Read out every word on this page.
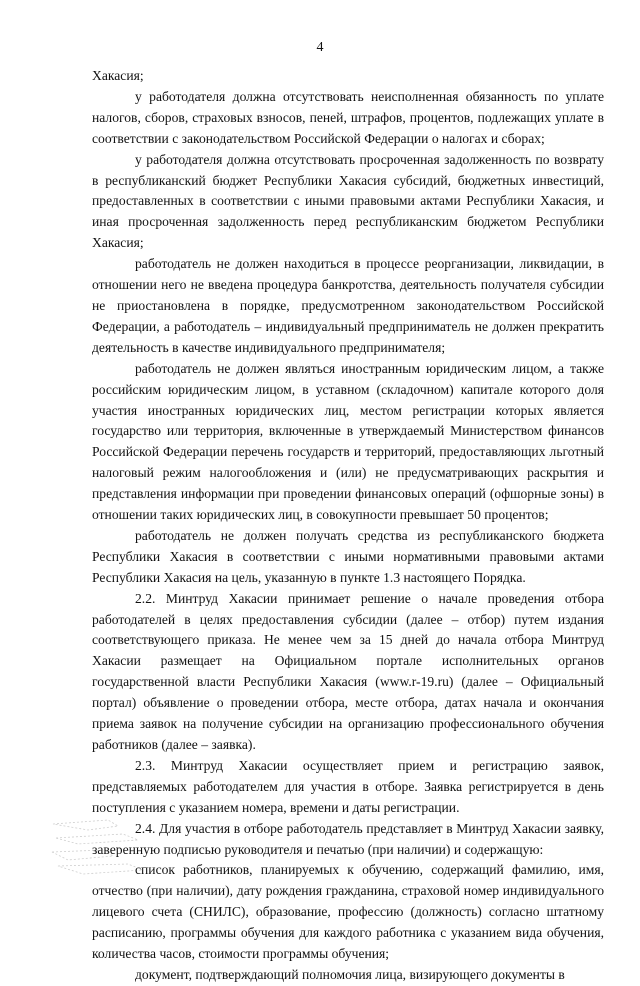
4

Хакасия;

у работодателя должна отсутствовать неисполненная обязанность по уплате налогов, сборов, страховых взносов, пеней, штрафов, процентов, подлежащих уплате в соответствии с законодательством Российской Федерации о налогах и сборах;

у работодателя должна отсутствовать просроченная задолженность по возврату в республиканский бюджет Республики Хакасия субсидий, бюджетных инвестиций, предоставленных в соответствии с иными правовыми актами Республики Хакасия, и иная просроченная задолженность перед республиканским бюджетом Республики Хакасия;

работодатель не должен находиться в процессе реорганизации, ликвидации, в отношении него не введена процедура банкротства, деятельность получателя субсидии не приостановлена в порядке, предусмотренном законодательством Российской Федерации, а работодатель – индивидуальный предприниматель не должен прекратить деятельность в качестве индивидуального предпринимателя;

работодатель не должен являться иностранным юридическим лицом, а также российским юридическим лицом, в уставном (складочном) капитале которого доля участия иностранных юридических лиц, местом регистрации которых является государство или территория, включенные в утверждаемый Министерством финансов Российской Федерации перечень государств и территорий, предоставляющих льготный налоговый режим налогообложения и (или) не предусматривающих раскрытия и представления информации при проведении финансовых операций (офшорные зоны) в отношении таких юридических лиц, в совокупности превышает 50 процентов;

работодатель не должен получать средства из республиканского бюджета Республики Хакасия в соответствии с иными нормативными правовыми актами Республики Хакасия на цель, указанную в пункте 1.3 настоящего Порядка.

2.2. Минтруд Хакасии принимает решение о начале проведения отбора работодателей в целях предоставления субсидии (далее – отбор) путем издания соответствующего приказа. Не менее чем за 15 дней до начала отбора Минтруд Хакасии размещает на Официальном портале исполнительных органов государственной власти Республики Хакасия (www.r-19.ru) (далее – Официальный портал) объявление о проведении отбора, месте отбора, датах начала и окончания приема заявок на получение субсидии на организацию профессионального обучения работников (далее – заявка).

2.3. Минтруд Хакасии осуществляет прием и регистрацию заявок, представляемых работодателем для участия в отборе. Заявка регистрируется в день поступления с указанием номера, времени и даты регистрации.

2.4. Для участия в отборе работодатель представляет в Минтруд Хакасии заявку, заверенную подписью руководителя и печатью (при наличии) и содержащую:

список работников, планируемых к обучению, содержащий фамилию, имя, отчество (при наличии), дату рождения гражданина, страховой номер индивидуального лицевого счета (СНИЛС), образование, профессию (должность) согласно штатному расписанию, программы обучения для каждого работника с указанием вида обучения, количества часов, стоимости программы обучения;

документ, подтверждающий полномочия лица, визирующего документы в
